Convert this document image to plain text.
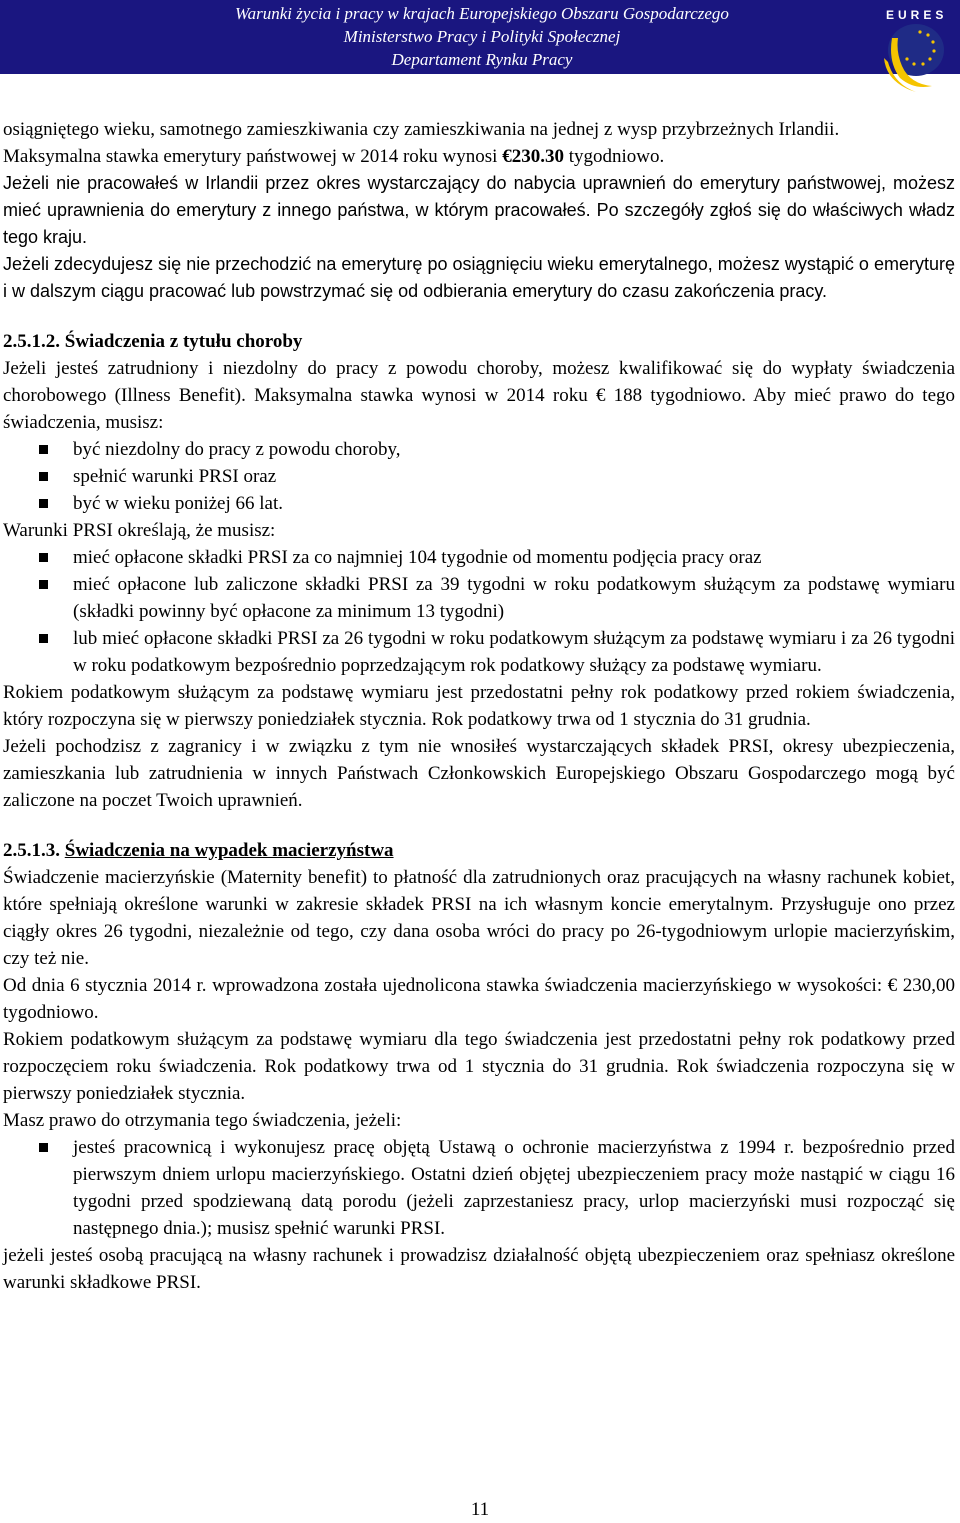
Warunki życia i pracy w krajach Europejskiego Obszaru Gospodarczego
Ministerstwo Pracy i Polityki Społecznej
Departament Rynku Pracy
EURES

osiągniętego wieku, samotnego zamieszkiwania czy zamieszkiwania na jednej z wysp przybrzeżnych Irlandii.

Maksymalna stawka emerytury państwowej w 2014 roku wynosi €230.30 tygodniowo.

Jeżeli nie pracowałeś w Irlandii przez okres wystarczający do nabycia uprawnień do emerytury państwowej, możesz mieć uprawnienia do emerytury z innego państwa, w którym pracowałeś. Po szczegóły zgłoś się do właściwych władz tego kraju.

Jeżeli zdecydujesz się nie przechodzić na emeryturę po osiągnięciu wieku emerytalnego, możesz wystąpić o emeryturę i w dalszym ciągu pracować lub powstrzymać się od odbierania emerytury do czasu zakończenia pracy.

2.5.1.2. Świadczenia z tytułu choroby

Jeżeli jesteś zatrudniony i niezdolny do pracy z powodu choroby, możesz kwalifikować się do wypłaty świadczenia chorobowego (Illness Benefit). Maksymalna stawka wynosi w 2014 roku € 188 tygodniowo. Aby mieć prawo do tego świadczenia, musisz:

być niezdolny do pracy z powodu choroby,
spełnić warunki PRSI oraz
być w wieku poniżej 66 lat.

Warunki PRSI określają, że musisz:

mieć opłacone składki PRSI za co najmniej 104 tygodnie od momentu podjęcia pracy oraz
mieć opłacone lub zaliczone składki PRSI za 39 tygodni w roku podatkowym służącym za podstawę wymiaru (składki powinny być opłacone za minimum 13 tygodni)
lub mieć opłacone składki PRSI za 26 tygodni w roku podatkowym służącym za podstawę wymiaru i za 26 tygodni w roku podatkowym bezpośrednio poprzedzającym rok podatkowy służący za podstawę wymiaru.

Rokiem podatkowym służącym za podstawę wymiaru jest przedostatni pełny rok podatkowy przed rokiem świadczenia, który rozpoczyna się w pierwszy poniedziałek stycznia. Rok podatkowy trwa od 1 stycznia do 31 grudnia.

Jeżeli pochodzisz z zagranicy i w związku z tym nie wnosiłeś wystarczających składek PRSI, okresy ubezpieczenia, zamieszkania lub zatrudnienia w innych Państwach Członkowskich Europejskiego Obszaru Gospodarczego mogą być zaliczone na poczet Twoich uprawnień.

2.5.1.3. Świadczenia na wypadek macierzyństwa

Świadczenie macierzyńskie (Maternity benefit) to płatność dla zatrudnionych oraz pracujących na własny rachunek kobiet, które spełniają określone warunki w zakresie składek PRSI na ich własnym koncie emerytalnym. Przysługuje ono przez ciągły okres 26 tygodni, niezależnie od tego, czy dana osoba wróci do pracy po 26-tygodniowym urlopie macierzyńskim, czy też nie.

Od dnia 6 stycznia 2014 r. wprowadzona została ujednolicona stawka świadczenia macierzyńskiego w wysokości: € 230,00 tygodniowo.

Rokiem podatkowym służącym za podstawę wymiaru dla tego świadczenia jest przedostatni pełny rok podatkowy przed rozpoczęciem roku świadczenia. Rok podatkowy trwa od 1 stycznia do 31 grudnia. Rok świadczenia rozpoczyna się w pierwszy poniedziałek stycznia.

Masz prawo do otrzymania tego świadczenia, jeżeli:

jesteś pracownicą i wykonujesz pracę objętą Ustawą o ochronie macierzyństwa z 1994 r. bezpośrednio przed pierwszym dniem urlopu macierzyńskiego. Ostatni dzień objętej ubezpieczeniem pracy może nastąpić w ciągu 16 tygodni przed spodziewaną datą porodu (jeżeli zaprzestaniesz pracy, urlop macierzyński musi rozpocząć się następnego dnia.); musisz spełnić warunki PRSI.

jeżeli jesteś osobą pracującą na własny rachunek i prowadzisz działalność objętą ubezpieczeniem oraz spełniasz określone warunki składkowe PRSI.

11
